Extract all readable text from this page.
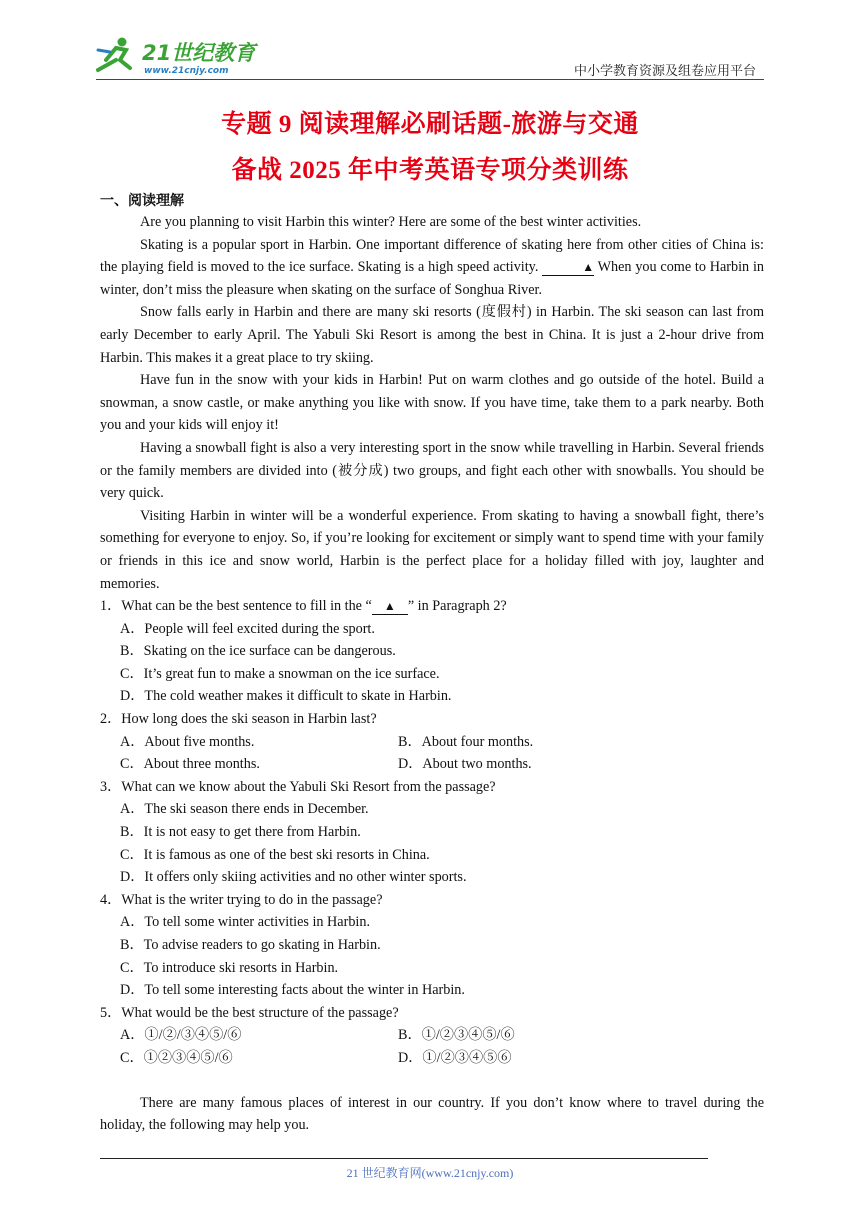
21世纪教育
www.21cnjy.com	中小学教育资源及组卷应用平台
专题 9 阅读理解必刷话题-旅游与交通
备战 2025 年中考英语专项分类训练
一、阅读理解

Are you planning to visit Harbin this winter? Here are some of the best winter activities.

Skating is a popular sport in Harbin. One important difference of skating here from other cities of China is: the playing field is moved to the ice surface. Skating is a high speed activity.	▲ When you come to Harbin in winter, don’t miss the pleasure when skating on the surface of Songhua River.

Snow falls early in Harbin and there are many ski resorts (度假村) in Harbin. The ski season can last from early December to early April. The Yabuli Ski Resort is among the best in China. It is just a 2-hour drive from Harbin. This makes it a great place to try skiing.

Have fun in the snow with your kids in Harbin! Put on warm clothes and go outside of the hotel. Build a snowman, a snow castle, or make anything you like with snow. If you have time, take them to a park nearby. Both you and your kids will enjoy it!

Having a snowball fight is also a very interesting sport in the snow while travelling in Harbin. Several friends or the family members are divided into (被分成) two groups, and fight each other with snowballs. You should be very quick.

Visiting Harbin in winter will be a wonderful experience. From skating to having a snowball fight, there’s something for everyone to enjoy. So, if you’re looking for excitement or simply want to spend time with your family or friends in this ice and snow world, Harbin is the perfect place for a holiday filled with joy, laughter and memories.

1．What can be the best sentence to fill in the “ ▲ ” in Paragraph 2?
A．People will feel excited during the sport.
B．Skating on the ice surface can be dangerous.
C．It’s great fun to make a snowman on the ice surface.
D．The cold weather makes it difficult to skate in Harbin.
2．How long does the ski season in Harbin last?
A．About five months.	B．About four months.
C．About three months.	D．About two months.
3．What can we know about the Yabuli Ski Resort from the passage?
A．The ski season there ends in December.
B．It is not easy to get there from Harbin.
C．It is famous as one of the best ski resorts in China.
D．It offers only skiing activities and no other winter sports.
4．What is the writer trying to do in the passage?
A．To tell some winter activities in Harbin.
B．To advise readers to go skating in Harbin.
C．To introduce ski resorts in Harbin.
D．To tell some interesting facts about the winter in Harbin.
5．What would be the best structure of the passage?
A．①/②/③④⑤/⑥	B．①/②③④⑤/⑥
C．①②③④⑤/⑥	D．①/②③④⑤⑥

There are many famous places of interest in our country. If you don’t know where to travel during the holiday, the following may help you.

21 世纪教育网(www.21cnjy.com)
